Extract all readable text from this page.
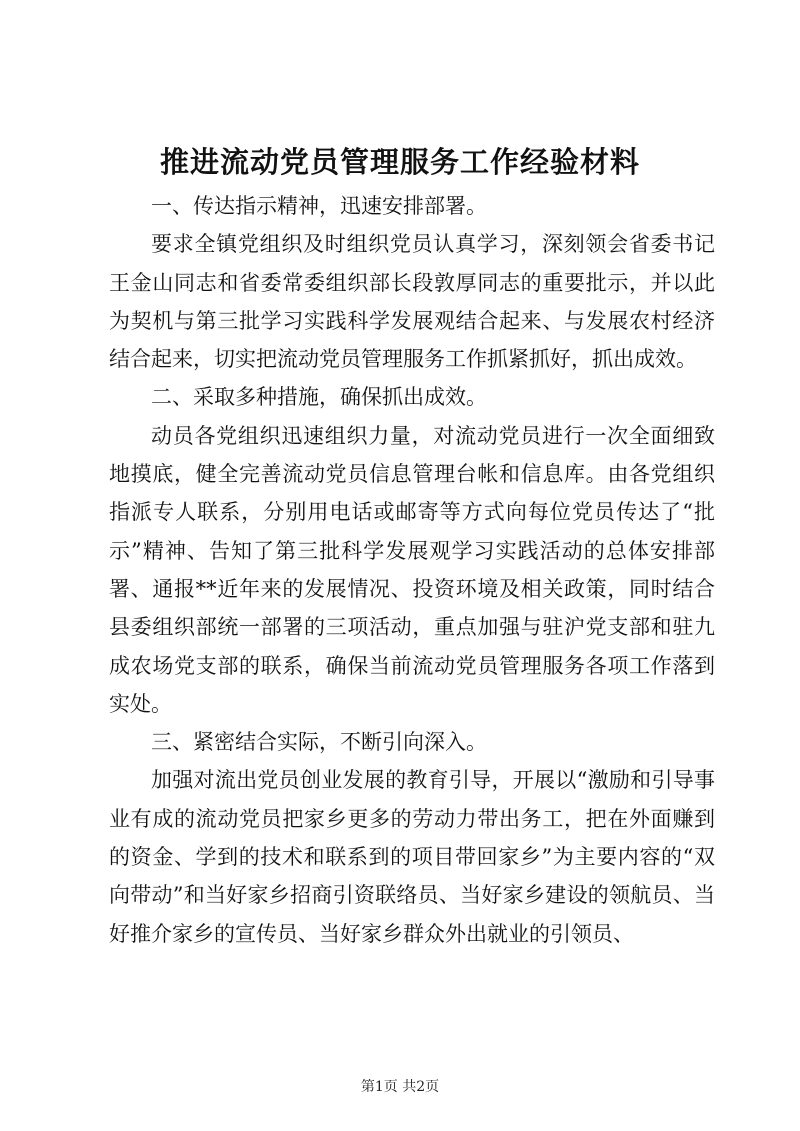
推进流动党员管理服务工作经验材料

一、传达指示精神，迅速安排部署。

要求全镇党组织及时组织党员认真学习，深刻领会省委书记王金山同志和省委常委组织部长段敦厚同志的重要批示，并以此为契机与第三批学习实践科学发展观结合起来、与发展农村经济结合起来，切实把流动党员管理服务工作抓紧抓好，抓出成效。

二、采取多种措施，确保抓出成效。

动员各党组织迅速组织力量，对流动党员进行一次全面细致地摸底，健全完善流动党员信息管理台帐和信息库。由各党组织指派专人联系，分别用电话或邮寄等方式向每位党员传达了“批示”精神、告知了第三批科学发展观学习实践活动的总体安排部署、通报**近年来的发展情况、投资环境及相关政策，同时结合县委组织部统一部署的三项活动，重点加强与驻沪党支部和驻九成农场党支部的联系，确保当前流动党员管理服务各项工作落到实处。

三、紧密结合实际，不断引向深入。

加强对流出党员创业发展的教育引导，开展以“激励和引导事业有成的流动党员把家乡更多的劳动力带出务工，把在外面赚到的资金、学到的技术和联系到的项目带回家乡”为主要内容的“双向带动”和当好家乡招商引资联络员、当好家乡建设的领航员、当好推介家乡的宣传员、当好家乡群众外出就业的引领员、

第1页 共2页
